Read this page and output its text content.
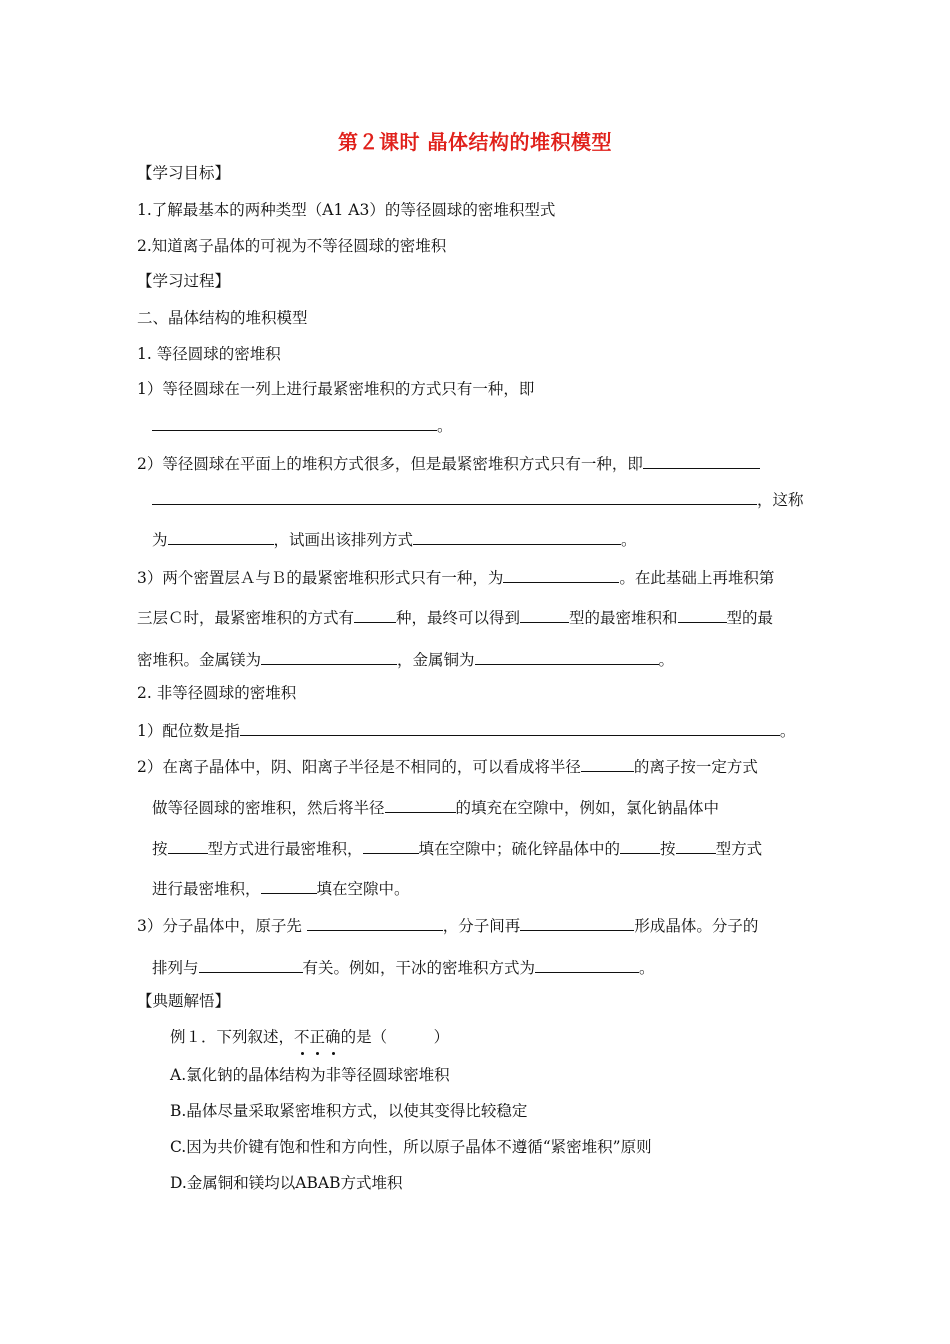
第２课时 晶体结构的堆积模型
【学习目标】
1.了解最基本的两种类型（A1 A3）的等径圆球的密堆积型式
2.知道离子晶体的可视为不等径圆球的密堆积
【学习过程】
二、晶体结构的堆积模型
1. 等径圆球的密堆积
1）等径圆球在一列上进行最紧密堆积的方式只有一种，即
。
2）等径圆球在平面上的堆积方式很多，但是最紧密堆积方式只有一种，即
，这称
为	，试画出该排列方式	。
3）两个密置层Ａ与Ｂ的最紧密堆积形式只有一种，为	。在此基础上再堆积第
三层Ｃ时，最紧密堆积的方式有	种，最终可以得到	型的最密堆积和	型的最
密堆积。金属镁为	，金属铜为	。
2. 非等径圆球的密堆积
1）配位数是指	。
2）在离子晶体中，阴、阳离子半径是不相同的，可以看成将半径	的离子按一定方式
做等径圆球的密堆积，然后将半径	的填充在空隙中，例如，氯化钠晶体中
按	型方式进行最密堆积，	填在空隙中；硫化锌晶体中的	按	型方式
进行最密堆积，	填在空隙中。
3）分子晶体中，原子先	，分子间再	形成晶体。分子的
排列与	有关。例如，干冰的密堆积方式为	。
【典题解悟】
例１．下列叙述，不正确的是（　　　）
A.氯化钠的晶体结构为非等径圆球密堆积
B.晶体尽量采取紧密堆积方式，以使其变得比较稳定
C.因为共价键有饱和性和方向性，所以原子晶体不遵循“紧密堆积”原则
D.金属铜和镁均以ABAB方式堆积
